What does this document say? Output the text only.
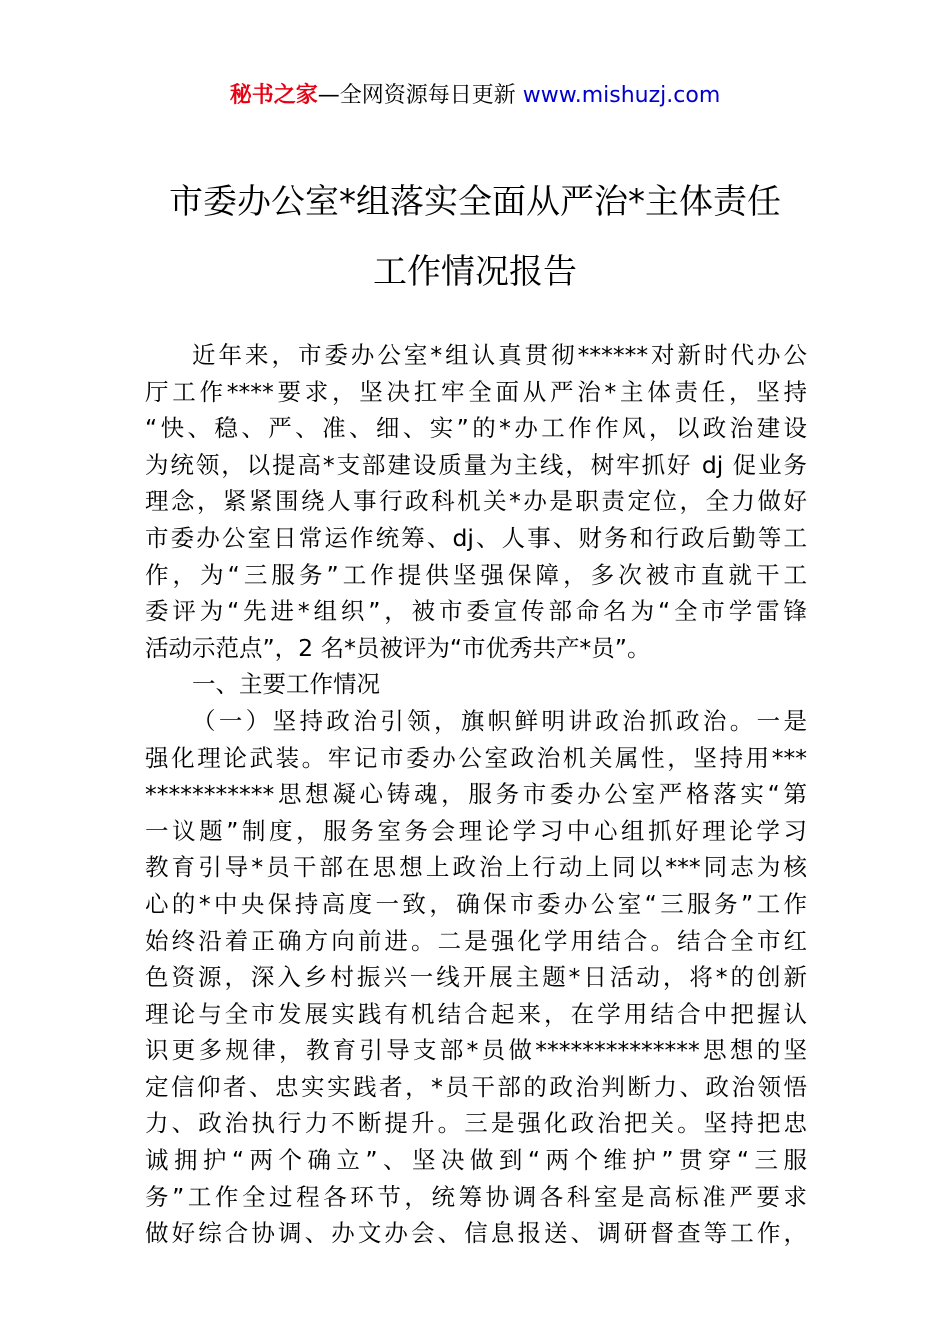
秘书之家—全网资源每日更新 www.mishuzj.com
市委办公室*组落实全面从严治*主体责任
工作情况报告
近年来，市委办公室*组认真贯彻******对新时代办公
厅工作****要求，坚决扛牢全面从严治*主体责任，坚持
“快、稳、严、准、细、实”的*办工作作风，以政治建设
为统领，以提高*支部建设质量为主线，树牢抓好 dj 促业务
理念，紧紧围绕人事行政科机关*办是职责定位，全力做好
市委办公室日常运作统筹、dj、人事、财务和行政后勤等工
作，为“三服务”工作提供坚强保障，多次被市直就干工
委评为“先进*组织”，被市委宣传部命名为“全市学雷锋
活动示范点”，2 名*员被评为“市优秀共产*员”。
一、主要工作情况
（一）坚持政治引领，旗帜鲜明讲政治抓政治。一是
强化理论武装。牢记市委办公室政治机关属性，坚持用***
***********思想凝心铸魂，服务市委办公室严格落实“第
一议题”制度，服务室务会理论学习中心组抓好理论学习
教育引导*员干部在思想上政治上行动上同以***同志为核
心的*中央保持高度一致，确保市委办公室“三服务”工作
始终沿着正确方向前进。二是强化学用结合。结合全市红
色资源，深入乡村振兴一线开展主题*日活动，将*的创新
理论与全市发展实践有机结合起来，在学用结合中把握认
识更多规律，教育引导支部*员做**************思想的坚
定信仰者、忠实实践者，*员干部的政治判断力、政治领悟
力、政治执行力不断提升。三是强化政治把关。坚持把忠
诚拥护“两个确立”、坚决做到“两个维护”贯穿“三服
务”工作全过程各环节，统筹协调各科室是高标准严要求
做好综合协调、办文办会、信息报送、调研督查等工作，
